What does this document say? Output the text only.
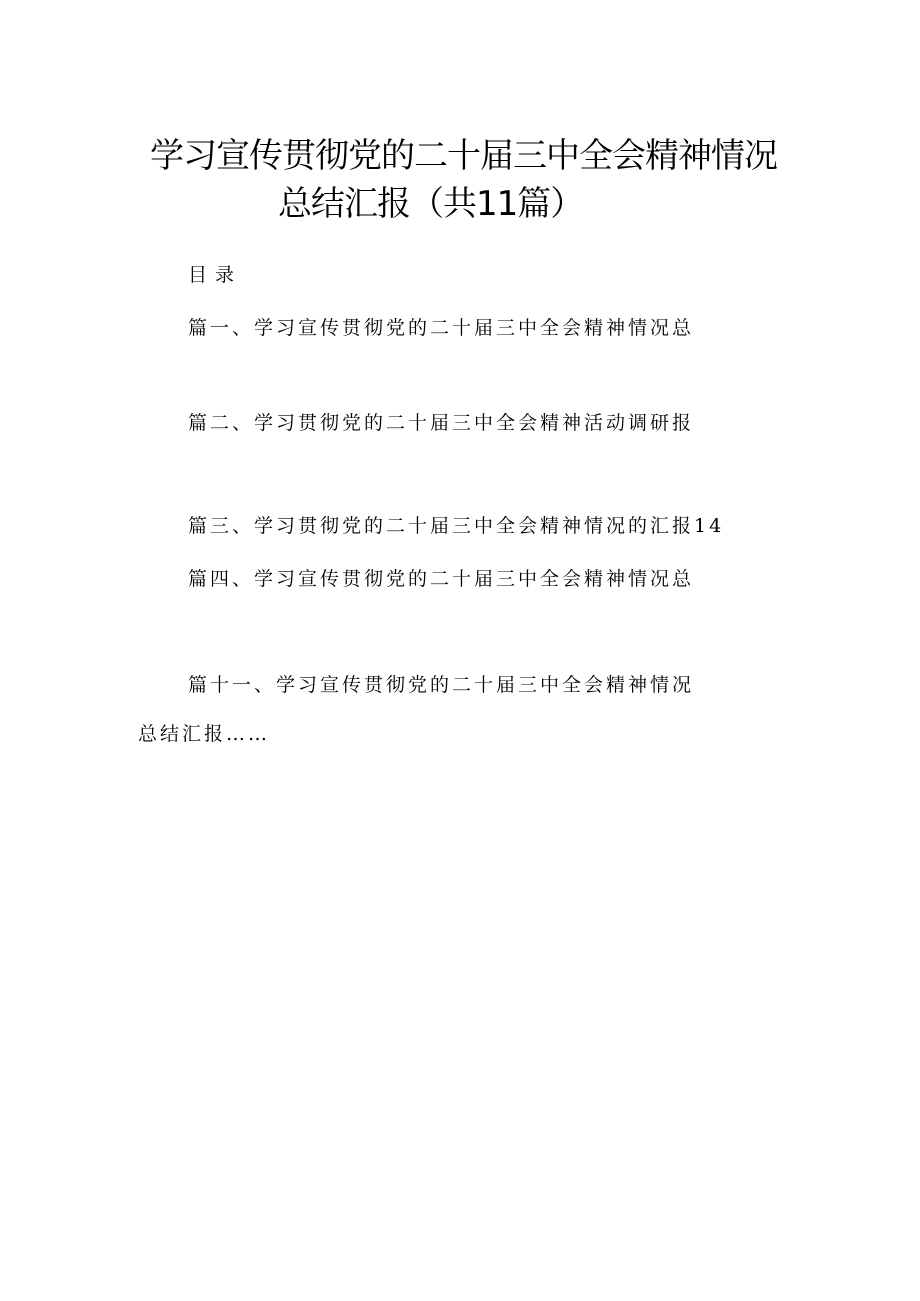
学习宣传贯彻党的二十届三中全会精神情况
总结汇报（共11篇）
目录
篇一、学习宣传贯彻党的二十届三中全会精神情况总
篇二、学习贯彻党的二十届三中全会精神活动调研报
篇三、学习贯彻党的二十届三中全会精神情况的汇报14
篇四、学习宣传贯彻党的二十届三中全会精神情况总
篇十一、学习宣传贯彻党的二十届三中全会精神情况
总结汇报……
